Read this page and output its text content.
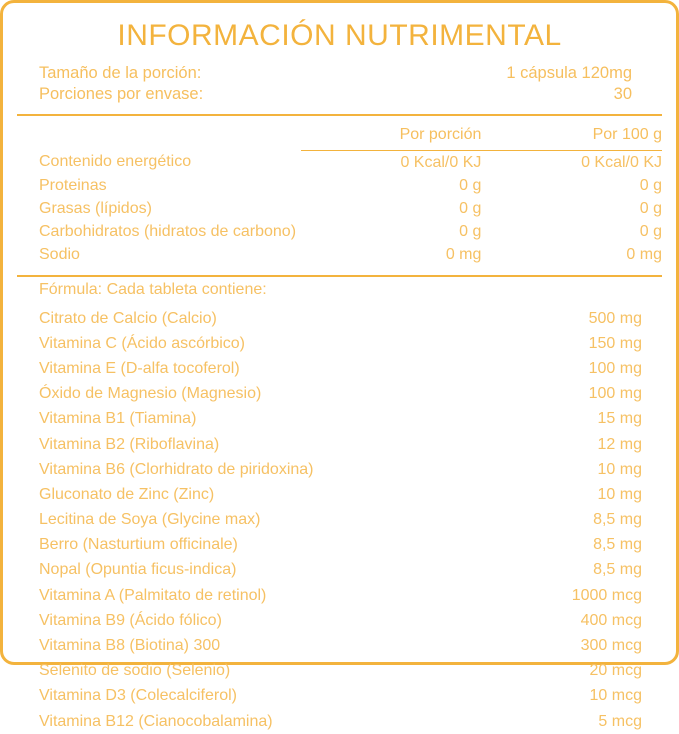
INFORMACIÓN NUTRIMENTAL
Tamaño de la porción:	1 cápsula 120mg
Porciones por envase:	30
	Por porción	Por 100 g
Contenido energético	0 Kcal/0 KJ	0 Kcal/0 KJ
Proteinas	0 g	0 g
Grasas (lípidos)	0 g	0 g
Carbohidratos (hidratos de carbono)	0 g	0 g
Sodio	0 mg	0 mg
Fórmula: Cada tableta contiene:
Citrato de Calcio (Calcio)	500 mg
Vitamina C (Ácido ascórbico)	150 mg
Vitamina E (D-alfa tocoferol)	100 mg
Óxido de Magnesio (Magnesio)	100 mg
Vitamina B1 (Tiamina)	15 mg
Vitamina B2 (Riboflavina)	12 mg
Vitamina B6 (Clorhidrato de piridoxina)	10 mg
Gluconato de Zinc (Zinc)	10 mg
Lecitina de Soya (Glycine max)	8,5 mg
Berro (Nasturtium officinale)	8,5 mg
Nopal (Opuntia ficus-indica)	8,5 mg
Vitamina A (Palmitato de retinol)	1000 mcg
Vitamina B9 (Ácido fólico)	400 mcg
Vitamina B8 (Biotina) 300	300 mcg
Selenito de sodio (Selenio)	20 mcg
Vitamina D3 (Colecalciferol)	10 mcg
Vitamina B12 (Cianocobalamina)	5 mcg
